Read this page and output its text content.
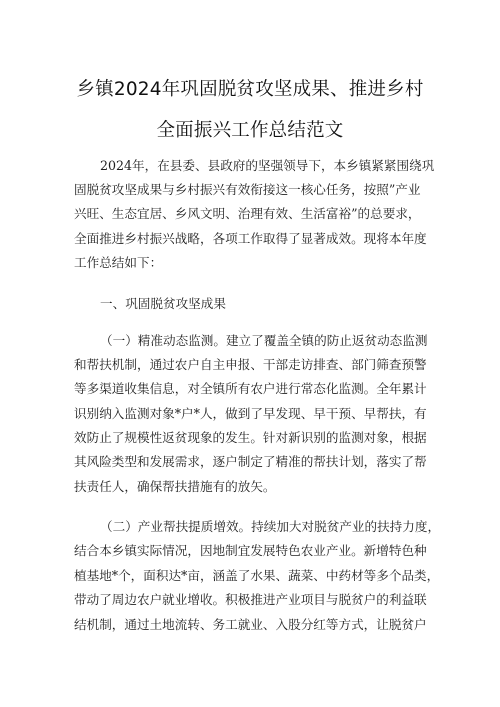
乡镇2024年巩固脱贫攻坚成果、推进乡村
全面振兴工作总结范文
2024年，在县委、县政府的坚强领导下，本乡镇紧紧围绕巩
固脱贫攻坚成果与乡村振兴有效衔接这一核心任务，按照”产业
兴旺、生态宜居、乡风文明、治理有效、生活富裕”的总要求，
全面推进乡村振兴战略，各项工作取得了显著成效。现将本年度
工作总结如下：
一、巩固脱贫攻坚成果
（一）精准动态监测。建立了覆盖全镇的防止返贫动态监测
和帮扶机制，通过农户自主申报、干部走访排查、部门筛查预警
等多渠道收集信息，对全镇所有农户进行常态化监测。全年累计
识别纳入监测对象*户*人，做到了早发现、早干预、早帮扶，有
效防止了规模性返贫现象的发生。针对新识别的监测对象，根据
其风险类型和发展需求，逐户制定了精准的帮扶计划，落实了帮
扶责任人，确保帮扶措施有的放矢。
（二）产业帮扶提质增效。持续加大对脱贫产业的扶持力度，
结合本乡镇实际情况，因地制宜发展特色农业产业。新增特色种
植基地*个，面积达*亩，涵盖了水果、蔬菜、中药材等多个品类，
带动了周边农户就业增收。积极推进产业项目与脱贫户的利益联
结机制，通过土地流转、务工就业、入股分红等方式，让脱贫户
